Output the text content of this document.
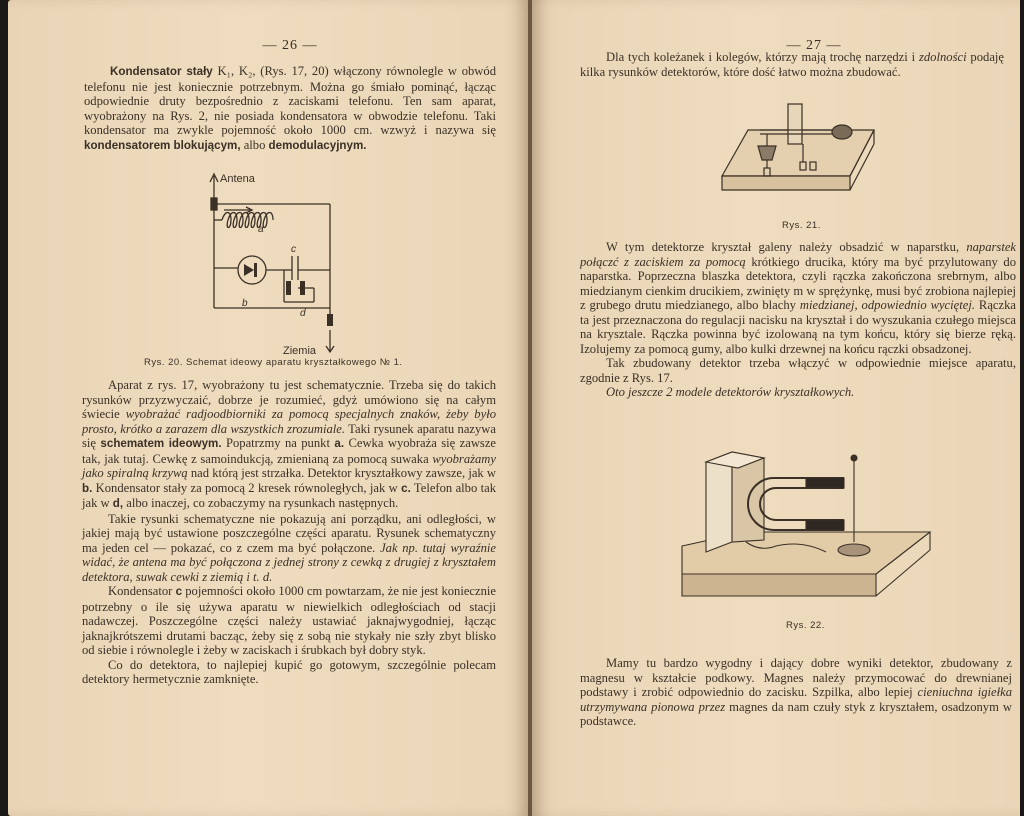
— 26 —

Kondensator stały K₁, K₂, (Rys. 17, 20) włączony równolegle w obwód telefonu nie jest koniecznie potrzebnym. Można go śmiało pominąć, łącząc odpowiednie druty bezpośrednio z zaciskami telefonu. Ten sam aparat, wyobrażony na Rys. 2, nie posiada kondensatora w obwodzie telefonu. Taki kondensator ma zwykle pojemność około 1000 cm. wzwyż i nazywa się kondensatorem blokującym, albo demodulacyjnym.

Antena
a
b
c
d
Ziemia
Rys. 20. Schemat ideowy aparatu kryształkowego № 1.

Aparat z rys. 17, wyobrażony tu jest schematycznie. Trzeba się do takich rysunków przyzwyczaić, dobrze je rozumieć, gdyż umówiono się na całym świecie wyobrażać radjoodbiorniki za pomocą specjalnych znaków, żeby było prosto, krótko a zarazem dla wszystkich zrozumiale. Taki rysunek aparatu nazywa się schematem ideowym. Popatrzmy na punkt a. Cewka wyobraża się zawsze tak, jak tutaj. Cewkę z samoindukcją, zmienianą za pomocą suwaka wyobrażamy jako spiralną krzywą nad którą jest strzałka. Detektor kryształkowy zawsze, jak w b. Kondensator stały za pomocą 2 kresek równoległych, jak w c. Telefon albo tak jak w d, albo inaczej, co zobaczymy na rysunkach następnych.

Takie rysunki schematyczne nie pokazują ani porządku, ani odległości, w jakiej mają być ustawione poszczególne części aparatu. Rysunek schematyczny ma jeden cel — pokazać, co z czem ma być połączone. Jak np. tutaj wyraźnie widać, że antena ma być połączona z jednej strony z cewką z drugiej z kryształem detektora, suwak cewki z ziemią i t. d.

Kondensator c pojemności około 1000 cm powtarzam, że nie jest koniecznie potrzebny o ile się używa aparatu w niewielkich odległościach od stacji nadawczej. Poszczególne części należy ustawiać jaknajwygodniej, łącząc jaknajkrótszemi drutami bacząc, żeby się z sobą nie stykały nie szły zbyt blisko od siebie i równolegle i żeby w zaciskach i śrubkach był dobry styk.

Co do detektora, to najlepiej kupić go gotowym, szczególnie polecam detektory hermetycznie zamknięte.

— 27 —

Dla tych koleżanek i kolegów, którzy mają trochę narzędzi i zdolności podaję kilka rysunków detektorów, które dość łatwo można zbudować.

Rys. 21.

W tym detektorze kryształ galeny należy obsadzić w naparstku, naparstek połączć z zaciskiem za pomocą krótkiego drucika, który ma być przylutowany do naparstka. Poprzeczna blaszka detektora, czyli rączka zakończona srebrnym, albo miedzianym cienkim drucikiem, zwinięty m w sprężynkę, musi być zrobiona najlepiej z grubego drutu miedzianego, albo blachy miedzianej, odpowiednio wyciętej. Rączka ta jest przeznaczona do regulacji nacisku na kryształ i do wyszukania czułego miejsca na krysztale. Rączka powinna być izolowaną na tym końcu, który się bierze ręką. Izolujemy za pomocą gumy, albo kulki drzewnej na końcu rączki obsadzonej.

Tak zbudowany detektor trzeba włączyć w odpowiednie miejsce aparatu, zgodnie z Rys. 17.

Oto jeszcze 2 modele detektorów kryształkowych.

Rys. 22.

Mamy tu bardzo wygodny i dający dobre wyniki detektor, zbudowany z magnesu w kształcie podkowy. Magnes należy przymocować do drewnianej podstawy i zrobić odpowiednio do zacisku. Szpilka, albo lepiej cieniuchna igiełka utrzymywana pionowa przez magnes da nam czuły styk z kryształem, osadzonym w podstawce.
